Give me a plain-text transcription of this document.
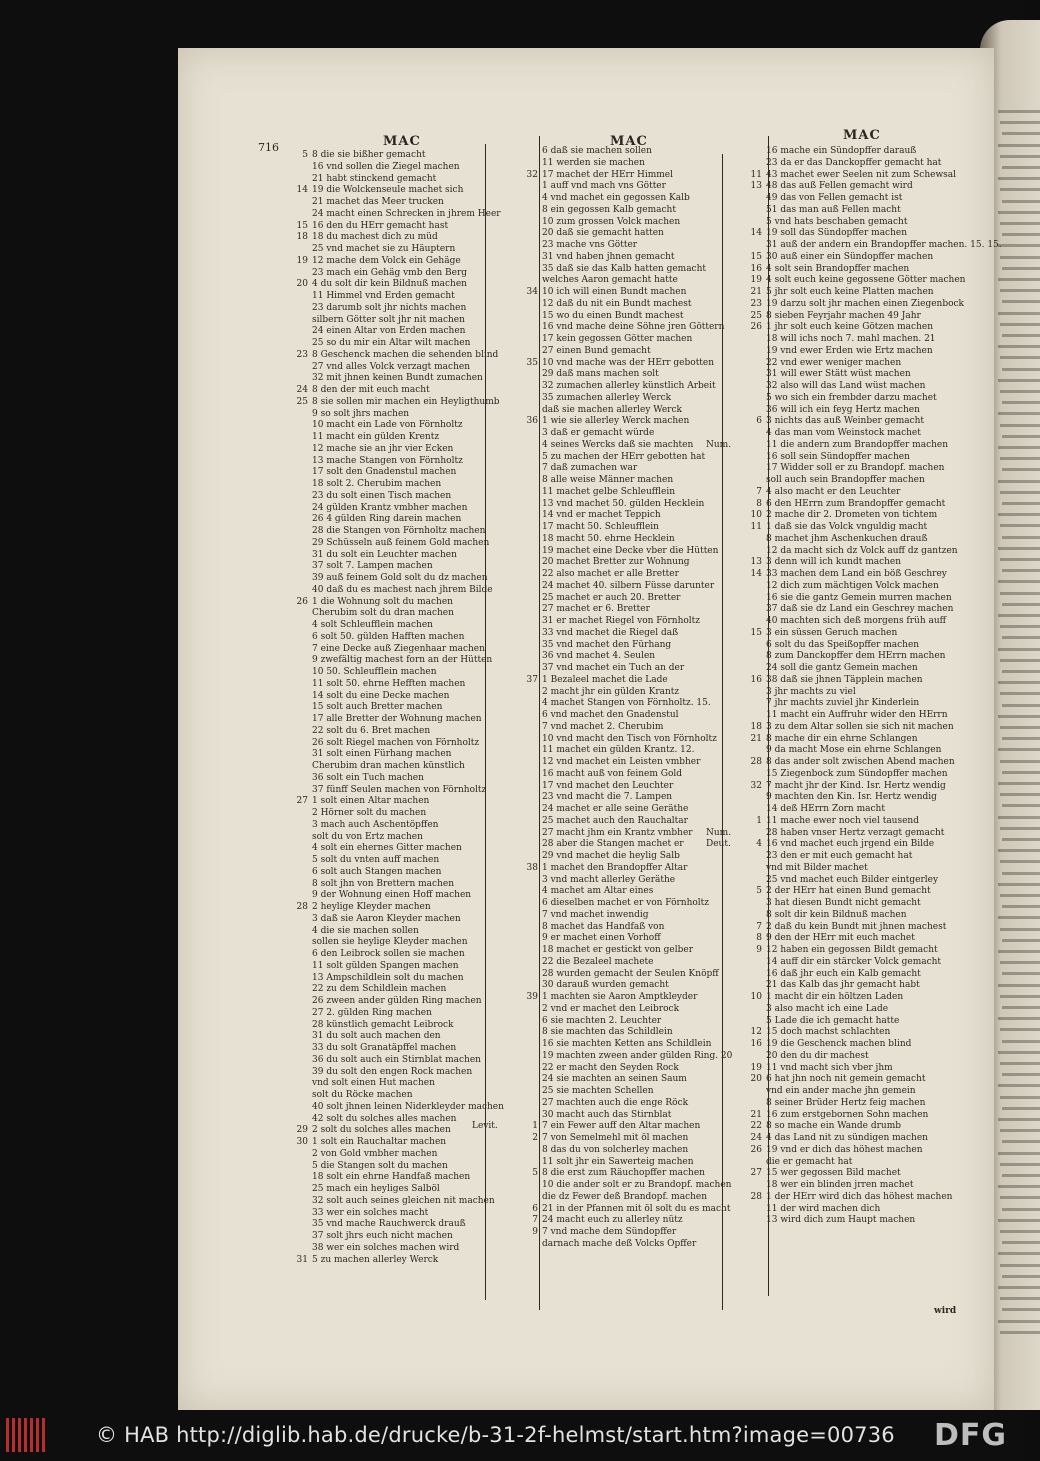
716	MAC	MAC	MAC
5 8 die sie bißher gemacht
16 vnd sollen die Ziegel machen
21 habt stinckend gemacht
14 19 die Wolckenseule machet sich
21 machet das Meer trucken
24 macht einen Schrecken in jhrem Heer
15 16 den du HErr gemacht hast
18 18 du machest dich zu müd
25 vnd machet sie zu Häuptern
19 12 mache dem Volck ein Gehäge
23 mach ein Gehäg vmb den Berg
20 4 du solt dir kein Bildnuß machen
11 Himmel vnd Erden gemacht
23 darumb solt jhr nichts machen
silbern Götter solt jhr nit machen
24 einen Altar von Erden machen
25 so du mir ein Altar wilt machen
23 8 Geschenck machen die sehenden blind
27 vnd alles Volck verzagt machen
32 mit jhnen keinen Bundt zumachen
24 8 den der mit euch macht
25 8 sie sollen mir machen ein Heyligthumb
9 so solt jhrs machen
10 macht ein Lade von Förnholtz
11 macht ein gülden Krentz
12 mache sie an jhr vier Ecken
13 mache Stangen von Förnholtz
17 solt den Gnadenstul machen
18 solt 2. Cherubim machen
23 du solt einen Tisch machen
24 gülden Krantz vmbher machen
26 4 gülden Ring darein machen
28 die Stangen von Förnholtz machen
29 Schüsseln auß feinem Gold machen
31 du solt ein Leuchter machen
37 solt 7. Lampen machen
39 auß feinem Gold solt du dz machen
40 daß du es machest nach jhrem Bilde
26 1 die Wohnung solt du machen
Cherubim solt du dran machen
4 solt Schleufflein machen
6 solt 50. gülden Hafften machen
7 eine Decke auß Ziegenhaar machen
9 zwefältig machest forn an der Hütten
10 50. Schleufflein machen
11 solt 50. ehrne Hefften machen
14 solt du eine Decke machen
15 solt auch Bretter machen
17 alle Bretter der Wohnung machen
22 solt du 6. Bret machen
26 solt Riegel machen von Förnholtz
31 solt einen Fürhang machen
Cherubim dran machen künstlich
36 solt ein Tuch machen
37 fünff Seulen machen von Förnholtz
27 1 solt einen Altar machen
2 Hörner solt du machen
3 mach auch Aschentöpffen
solt du von Ertz machen
4 solt ein ehernes Gitter machen
5 solt du vnten auff machen
6 solt auch Stangen machen
8 solt jhn von Brettern machen
9 der Wohnung einen Hoff machen
28 2 heylige Kleyder machen
3 daß sie Aaron Kleyder machen
4 die sie machen sollen
sollen sie heylige Kleyder machen
6 den Leibrock sollen sie machen
11 solt gülden Spangen machen
13 Ampschildlein solt du machen
22 zu dem Schildlein machen
26 zween ander gülden Ring machen
27 2. gülden Ring machen
28 künstlich gemacht Leibrock
31 du solt auch machen den
33 du solt Granatäpffel machen
36 du solt auch ein Stirnblat machen
39 du solt den engen Rock machen
vnd solt einen Hut machen
solt du Röcke machen
40 solt jhnen leinen Niderkleyder machen
42 solt du solches alles machen
29 2 solt du solches alles machen
30 1 solt ein Rauchaltar machen
2 von Gold vmbher machen
5 die Stangen solt du machen
18 solt ein ehrne Handfaß machen
25 mach ein heyliges Salböl
32 solt auch seines gleichen nit machen
33 wer ein solches macht
35 vnd mache Rauchwerck drauß
37 solt jhrs euch nicht machen
38 wer ein solches machen wird
31 5 zu machen allerley Werck
6 daß sie machen sollen
11 werden sie machen
32 17 machet der HErr Himmel
1 auff vnd mach vns Götter
4 vnd machet ein gegossen Kalb
8 ein gegossen Kalb gemacht
10 zum grossen Volck machen
20 daß sie gemacht hatten
23 mache vns Götter
31 vnd haben jhnen gemacht
35 daß sie das Kalb hatten gemacht
welches Aaron gemacht hatte
34 10 ich will einen Bundt machen
12 daß du nit ein Bundt machest
15 wo du einen Bundt machest
16 vnd mache deine Söhne jren Göttern
17 kein gegossen Götter machen
27 einen Bund gemacht
35 10 vnd mache was der HErr gebotten
29 daß mans machen solt
32 zumachen allerley künstlich Arbeit
35 zumachen allerley Werck
daß sie machen allerley Werck
36 1 wie sie allerley Werck machen
3 daß er gemacht würde
4 seines Wercks daß sie machten
5 zu machen der HErr gebotten hat
7 daß zumachen war
8 alle weise Männer machen
11 machet gelbe Schleufflein
13 vnd machet 50. gülden Hecklein
14 vnd er machet Teppich
17 macht 50. Schleufflein
18 macht 50. ehrne Hecklein
19 machet eine Decke vber die Hütten
20 machet Bretter zur Wohnung
22 also machet er alle Bretter
24 machet 40. silbern Füsse darunter
25 machet er auch 20. Bretter
27 machet er 6. Bretter
31 er machet Riegel von Förnholtz
33 vnd machet die Riegel daß
35 vnd machet den Fürhang
36 vnd machet 4. Seulen
37 vnd machet ein Tuch an der
37 1 Bezaleel machet die Lade
2 macht jhr ein gülden Krantz
4 machet Stangen von Förnholtz. 15.
6 vnd machet den Gnadenstul
7 vnd machet 2. Cherubim
10 vnd macht den Tisch von Förnholtz
11 machet ein gülden Krantz. 12.
12 vnd machet ein Leisten vmbher
16 macht auß von feinem Gold
17 vnd machet den Leuchter
23 vnd macht die 7. Lampen
24 machet er alle seine Geräthe
25 machet auch den Rauchaltar
27 macht jhm ein Krantz vmbher
28 aber die Stangen machet er
29 vnd machet die heylig Salb
38 1 machet den Brandopffer Altar
3 vnd macht allerley Geräthe
4 machet am Altar eines
6 dieselben machet er von Förnholtz
7 vnd machet inwendig
8 machet das Handfaß von
9 er machet einen Vorhoff
18 machet er gestickt von gelber
22 die Bezaleel machete
28 wurden gemacht der Seulen Knöpff
30 darauß wurden gemacht
39 1 machten sie Aaron Amptkleyder
2 vnd er machet den Leibrock
6 sie machten 2. Leuchter
8 sie machten das Schildlein
16 sie machten Ketten ans Schildlein
19 machten zween ander gülden Ring. 20
22 er macht den Seyden Rock
24 sie machten an seinen Saum
25 sie machten Schellen
27 machten auch die enge Röck
30 macht auch das Stirnblat
1 7 ein Fewer auff den Altar machen
2 7 von Semelmehl mit öl machen
8 das du von solcherley machen
11 solt jhr ein Sawerteig machen
5 8 die erst zum Räuchopffer machen
10 die ander solt er zu Brandopf. machen
die dz Fewer deß Brandopf. machen
6 21 in der Pfannen mit öl solt du es macht
7 24 macht euch zu allerley nütz
9 7 vnd mache dem Sündopffer
darnach mache deß Volcks Opffer
Levit.
16 mache ein Sündopffer darauß
23 da er das Danckopffer gemacht hat
11 43 machet ewer Seelen nit zum Schewsal
13 48 das auß Fellen gemacht wird
49 das von Fellen gemacht ist
51 das man auß Fellen macht
5 vnd hats beschaben gemacht
14 19 soll das Sündopffer machen
31 auß der andern ein Brandopffer machen. 15. 15.
15 30 auß einer ein Sündopffer machen
16 4 solt sein Brandopffer machen
19 4 solt euch keine gegossene Götter machen
21 5 jhr solt euch keine Platten machen
23 19 darzu solt jhr machen einen Ziegenbock
25 8 sieben Feyrjahr machen 49 Jahr
26 1 jhr solt euch keine Götzen machen
18 will ichs noch 7. mahl machen. 21
19 vnd ewer Erden wie Ertz machen
22 vnd ewer weniger machen
31 will ewer Stätt wüst machen
32 also will das Land wüst machen
5 wo sich ein frembder darzu machet
36 will ich ein feyg Hertz machen
6 3 nichts das auß Weinber gemacht
4 das man vom Weinstock machet
11 die andern zum Brandopffer machen
16 soll sein Sündopffer machen
17 Widder soll er zu Brandopf. machen
soll auch sein Brandopffer machen
7 4 also macht er den Leuchter
8 6 den HErrn zum Brandopffer gemacht
10 2 mache dir 2. Drometen von tichtem
11 1 daß sie das Volck vnguldig macht
8 machet jhm Aschenkuchen drauß
12 da macht sich dz Volck auff dz gantzen
13 3 denn will ich kundt machen
14 33 machen dem Land ein böß Geschrey
12 dich zum mächtigen Volck machen
16 sie die gantz Gemein murren machen
37 daß sie dz Land ein Geschrey machen
40 machten sich deß morgens früh auff
15 3 ein süssen Geruch machen
6 solt du das Speißopffer machen
8 zum Danckopffer dem HErrn machen
24 soll die gantz Gemein machen
16 38 daß sie jhnen Täpplein machen
3 jhr machts zu viel
7 jhr machts zuviel jhr Kinderlein
11 macht ein Auffruhr wider den HErrn
18 3 zu dem Altar sollen sie sich nit machen
21 8 mache dir ein ehrne Schlangen
9 da macht Mose ein ehrne Schlangen
28 8 das ander solt zwischen Abend machen
15 Ziegenbock zum Sündopffer machen
32 7 macht jhr der Kind. Isr. Hertz wendig
9 machten den Kin. Isr. Hertz wendig
14 deß HErrn Zorn macht
1 11 mache ewer noch viel tausend
28 haben vnser Hertz verzagt gemacht
4 16 vnd machet euch jrgend ein Bilde
23 den er mit euch gemacht hat
vnd mit Bilder machet
25 vnd machet euch Bilder eintgerley
5 2 der HErr hat einen Bund gemacht
3 hat diesen Bundt nicht gemacht
8 solt dir kein Bildnuß machen
7 2 daß du kein Bundt mit jhnen machest
8 9 den der HErr mit euch machet
9 12 haben ein gegossen Bildt gemacht
14 auff dir ein stärcker Volck gemacht
16 daß jhr euch ein Kalb gemacht
21 das Kalb das jhr gemacht habt
10 1 macht dir ein höltzen Laden
3 also macht ich eine Lade
5 Lade die ich gemacht hatte
12 15 doch machst schlachten
16 19 die Geschenck machen blind
20 den du dir machest
19 11 vnd macht sich vber jhm
20 6 hat jhn noch nit gemein gemacht
vnd ein ander mache jhn gemein
8 seiner Brüder Hertz feig machen
21 16 zum erstgebornen Sohn machen
22 8 so mache ein Wande drumb
24 4 das Land nit zu sündigen machen
26 19 vnd er dich das höhest machen
die er gemacht hat
27 15 wer gegossen Bild machet
18 wer ein blinden jrren machet
28 1 der HErr wird dich das höhest machen
11 der wird machen dich
13 wird dich zum Haupt machen
Num.
Num.
Deut.
wird
© HAB http://diglib.hab.de/drucke/b-31-2f-helmst/start.htm?image=00736 DFG
